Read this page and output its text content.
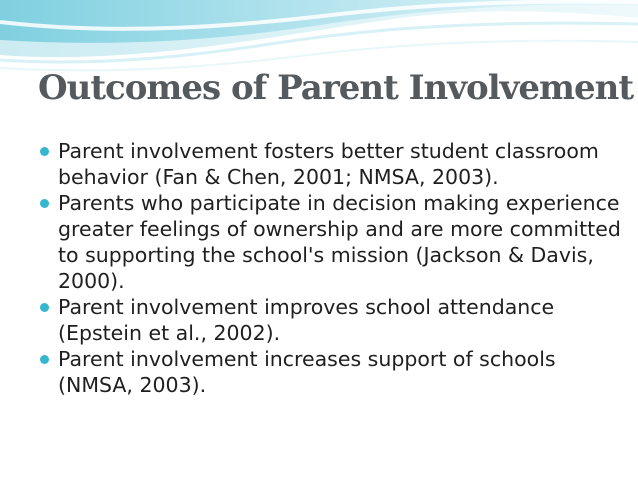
Outcomes of Parent Involvement
Parent involvement fosters better student classroom behavior (Fan & Chen, 2001; NMSA, 2003).
Parents who participate in decision making experience greater feelings of ownership and are more committed to supporting the school's mission (Jackson & Davis, 2000).
Parent involvement improves school attendance (Epstein et al., 2002).
Parent involvement increases support of schools (NMSA, 2003).
